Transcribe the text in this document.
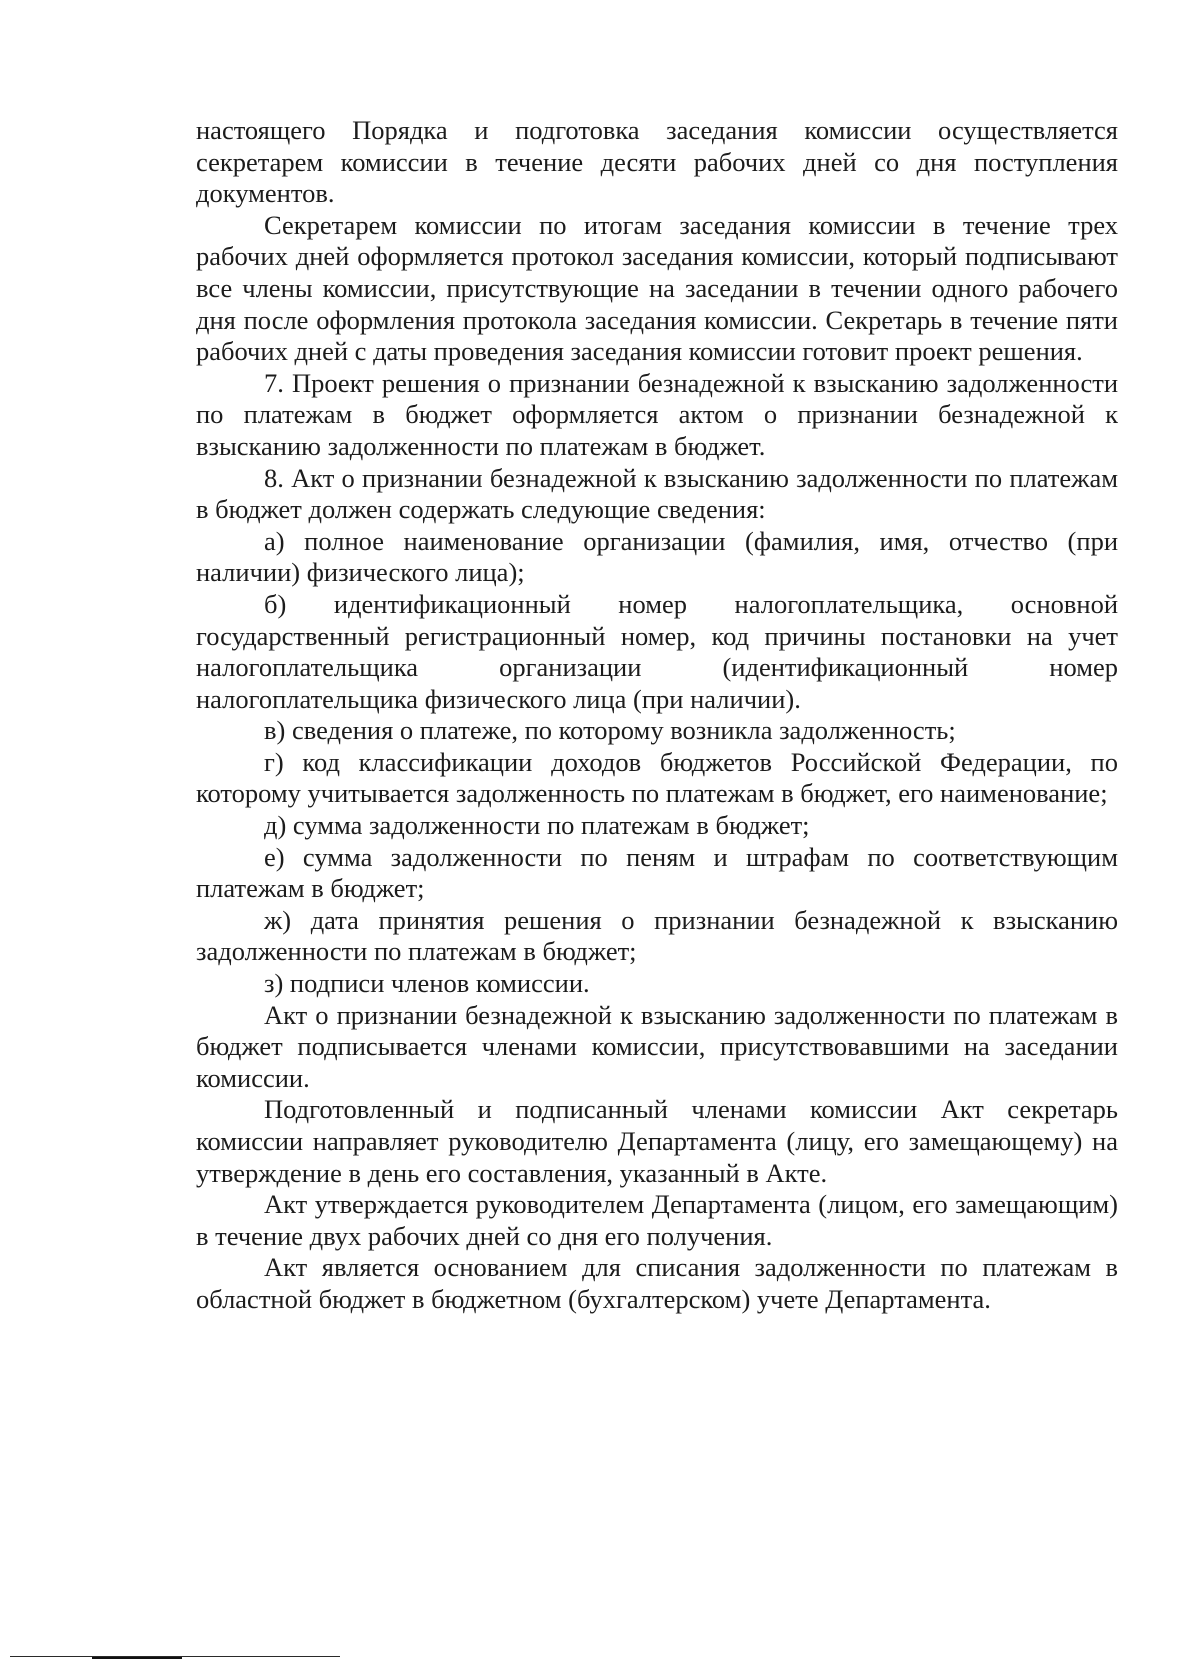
настоящего Порядка и подготовка заседания комиссии осуществляется секретарем комиссии в течение десяти рабочих дней со дня поступления документов.

Секретарем комиссии по итогам заседания комиссии в течение трех рабочих дней оформляется протокол заседания комиссии, который подписывают все члены комиссии, присутствующие на заседании в течении одного рабочего дня после оформления протокола заседания комиссии. Секретарь в течение пяти рабочих дней с даты проведения заседания комиссии готовит проект решения.

7. Проект решения о признании безнадежной к взысканию задолженности по платежам в бюджет оформляется актом о признании безнадежной к взысканию задолженности по платежам в бюджет.

8. Акт о признании безнадежной к взысканию задолженности по платежам в бюджет должен содержать следующие сведения:

а) полное наименование организации (фамилия, имя, отчество (при наличии) физического лица);

б) идентификационный номер налогоплательщика, основной государственный регистрационный номер, код причины постановки на учет налогоплательщика организации (идентификационный номер налогоплательщика физического лица (при наличии).

в) сведения о платеже, по которому возникла задолженность;

г) код классификации доходов бюджетов Российской Федерации, по которому учитывается задолженность по платежам в бюджет, его наименование;

д) сумма задолженности по платежам в бюджет;

е) сумма задолженности по пеням и штрафам по соответствующим платежам в бюджет;

ж) дата принятия решения о признании безнадежной к взысканию задолженности по платежам в бюджет;

з) подписи членов комиссии.

Акт о признании безнадежной к взысканию задолженности по платежам в бюджет подписывается членами комиссии, присутствовавшими на заседании комиссии.

Подготовленный и подписанный членами комиссии Акт секретарь комиссии направляет руководителю Департамента (лицу, его замещающему) на утверждение в день его составления, указанный в Акте.

Акт утверждается руководителем Департамента (лицом, его замещающим) в течение двух рабочих дней со дня его получения.

Акт является основанием для списания задолженности по платежам в областной бюджет в бюджетном (бухгалтерском) учете Департамента.
